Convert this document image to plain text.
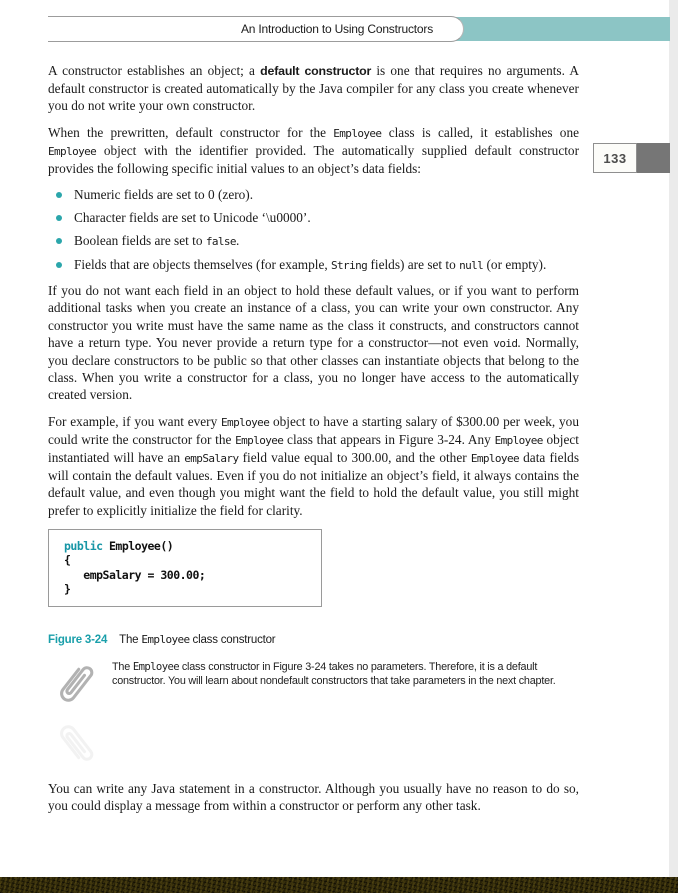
An Introduction to Using Constructors
133

A constructor establishes an object; a default constructor is one that requires no arguments. A default constructor is created automatically by the Java compiler for any class you create whenever you do not write your own constructor.

When the prewritten, default constructor for the Employee class is called, it establishes one Employee object with the identifier provided. The automatically supplied default constructor provides the following specific initial values to an object’s data fields:

Numeric fields are set to 0 (zero).
Character fields are set to Unicode ‘\u0000’.
Boolean fields are set to false.
Fields that are objects themselves (for example, String fields) are set to null (or empty).

If you do not want each field in an object to hold these default values, or if you want to perform additional tasks when you create an instance of a class, you can write your own constructor. Any constructor you write must have the same name as the class it constructs, and constructors cannot have a return type. You never provide a return type for a constructor—not even void. Normally, you declare constructors to be public so that other classes can instantiate objects that belong to the class. When you write a constructor for a class, you no longer have access to the automatically created version.

For example, if you want every Employee object to have a starting salary of $300.00 per week, you could write the constructor for the Employee class that appears in Figure 3-24. Any Employee object instantiated will have an empSalary field value equal to 300.00, and the other Employee data fields will contain the default values. Even if you do not initialize an object’s field, it always contains the default value, and even though you might want the field to hold the default value, you still might prefer to explicitly initialize the field for clarity.

public Employee()
{
empSalary = 300.00;
}
Figure 3-24 The Employee class constructor
The Employee class constructor in Figure 3-24 takes no parameters. Therefore, it is a default constructor. You will learn about nondefault constructors that take parameters in the next chapter.

You can write any Java statement in a constructor. Although you usually have no reason to do so, you could display a message from within a constructor or perform any other task.
